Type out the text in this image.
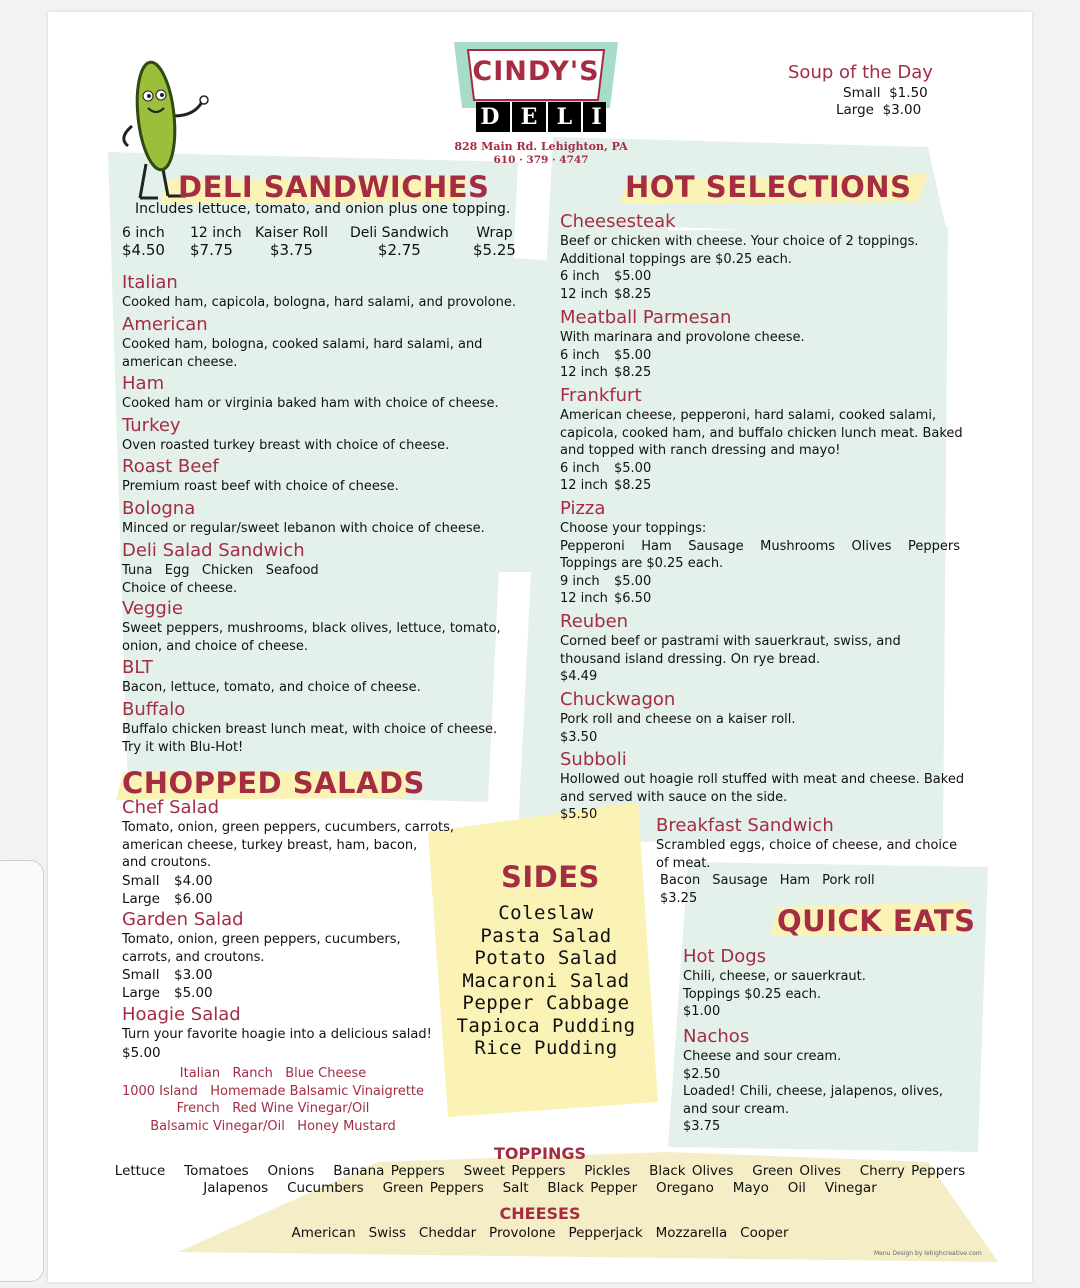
CINDY'S
D E L I
828 Main Rd. Lehighton, PA
610 · 379 · 4747
Soup of the Day
Small $1.50
Large $3.00
DELI SANDWICHES
Includes lettuce, tomato, and onion plus one topping.
6 inch
$4.50
12 inch
$7.75
Kaiser Roll
$3.75
Deli Sandwich
$2.75
Wrap
$5.25
Italian
Cooked ham, capicola, bologna, hard salami, and provolone.
American
Cooked ham, bologna, cooked salami, hard salami, and
american cheese.
Ham
Cooked ham or virginia baked ham with choice of cheese.
Turkey
Oven roasted turkey breast with choice of cheese.
Roast Beef
Premium roast beef with choice of cheese.
Bologna
Minced or regular/sweet lebanon with choice of cheese.
Deli Salad Sandwich
Tuna   Egg   Chicken   Seafood
Choice of cheese.
Veggie
Sweet peppers, mushrooms, black olives, lettuce, tomato,
onion, and choice of cheese.
BLT
Bacon, lettuce, tomato, and choice of cheese.
Buffalo
Buffalo chicken breast lunch meat, with choice of cheese.
Try it with Blu-Hot!
CHOPPED SALADS
Chef Salad
Tomato, onion, green peppers, cucumbers, carrots,
american cheese, turkey breast, ham, bacon,
and croutons.
Small $4.00
Large $6.00
Garden Salad
Tomato, onion, green peppers, cucumbers,
carrots, and croutons.
Small $3.00
Large $5.00
Hoagie Salad
Turn your favorite hoagie into a delicious salad!
$5.00
Italian Ranch Blue Cheese
1000 Island Homemade Balsamic Vinaigrette
French Red Wine Vinegar/Oil
Balsamic Vinegar/Oil Honey Mustard
HOT SELECTIONS
Cheesesteak
Beef or chicken with cheese. Your choice of 2 toppings.
Additional toppings are $0.25 each.
6 inch $5.00
12 inch $8.25
Meatball Parmesan
With marinara and provolone cheese.
6 inch $5.00
12 inch $8.25
Frankfurt
American cheese, pepperoni, hard salami, cooked salami,
capicola, cooked ham, and buffalo chicken lunch meat. Baked
and topped with ranch dressing and mayo!
6 inch $5.00
12 inch $8.25
Pizza
Choose your toppings:
Pepperoni Ham Sausage Mushrooms Olives Peppers
Toppings are $0.25 each.
9 inch $5.00
12 inch $6.50
Reuben
Corned beef or pastrami with sauerkraut, swiss, and
thousand island dressing. On rye bread.
$4.49
Chuckwagon
Pork roll and cheese on a kaiser roll.
$3.50
Subboli
Hollowed out hoagie roll stuffed with meat and cheese. Baked
and served with sauce on the side.
$5.50
Breakfast Sandwich
Scrambled eggs, choice of cheese, and choice
of meat.
Bacon Sausage Ham Pork roll
$3.25
SIDES
Coleslaw
Pasta Salad
Potato Salad
Macaroni Salad
Pepper Cabbage
Tapioca Pudding
Rice Pudding
QUICK EATS
Hot Dogs
Chili, cheese, or sauerkraut.
Toppings $0.25 each.
$1.00
Nachos
Cheese and sour cream.
$2.50
Loaded! Chili, cheese, jalapenos, olives,
and sour cream.
$3.75
TOPPINGS
Lettuce Tomatoes Onions Banana Peppers Sweet Peppers Pickles Black Olives Green Olives Cherry Peppers
Jalapenos Cucumbers Green Peppers Salt Black Pepper Oregano Mayo Oil Vinegar
CHEESES
American Swiss Cheddar Provolone Pepperjack Mozzarella Cooper
Menu Design by lehighcreative.com
